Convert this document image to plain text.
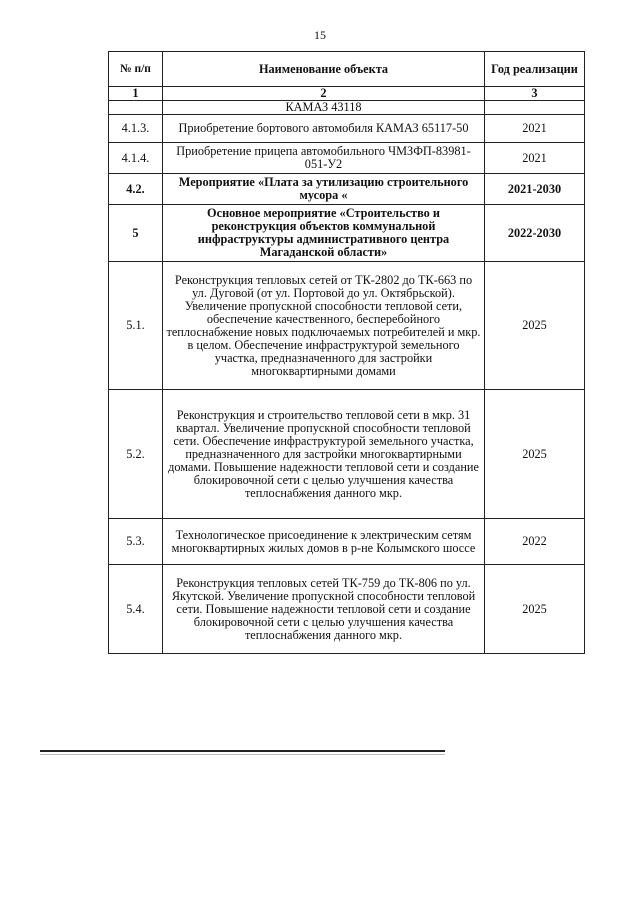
15
№ п/п	Наименование объекта	Год реализации
1	2	3
	КАМАЗ 43118	
4.1.3.	Приобретение бортового автомобиля КАМАЗ 65117-50	2021
4.1.4.	Приобретение прицепа автомобильного ЧМЗФП-83981-051-У2	2021
4.2.	Мероприятие «Плата за утилизацию строительного мусора «	2021-2030
5	Основное мероприятие «Строительство и реконструкция объектов коммунальной инфраструктуры административного центра Магаданской области»	2022-2030
5.1.	Реконструкция тепловых сетей от ТК-2802 до ТК-663 по ул. Дуговой (от ул. Портовой до ул. Октябрьской). Увеличение пропускной способности тепловой сети, обеспечение качественного, бесперебойного теплоснабжение новых подключаемых потребителей и мкр. в целом. Обеспечение инфраструктурой земельного участка, предназначенного для застройки многоквартирными домами	2025
5.2.	Реконструкция и строительство тепловой сети в мкр. 31 квартал. Увеличение пропускной способности тепловой сети. Обеспечение инфраструктурой земельного участка, предназначенного для застройки многоквартирными домами. Повышение надежности тепловой сети и создание блокировочной сети с целью улучшения качества теплоснабжения данного мкр.	2025
5.3.	Технологическое присоединение к электрическим сетям многоквартирных жилых домов в р-не Колымского шоссе	2022
5.4.	Реконструкция тепловых сетей ТК-759 до ТК-806 по ул. Якутской. Увеличение пропускной способности тепловой сети. Повышение надежности тепловой сети и создание блокировочной сети с целью улучшения качества теплоснабжения данного мкр.	2025
